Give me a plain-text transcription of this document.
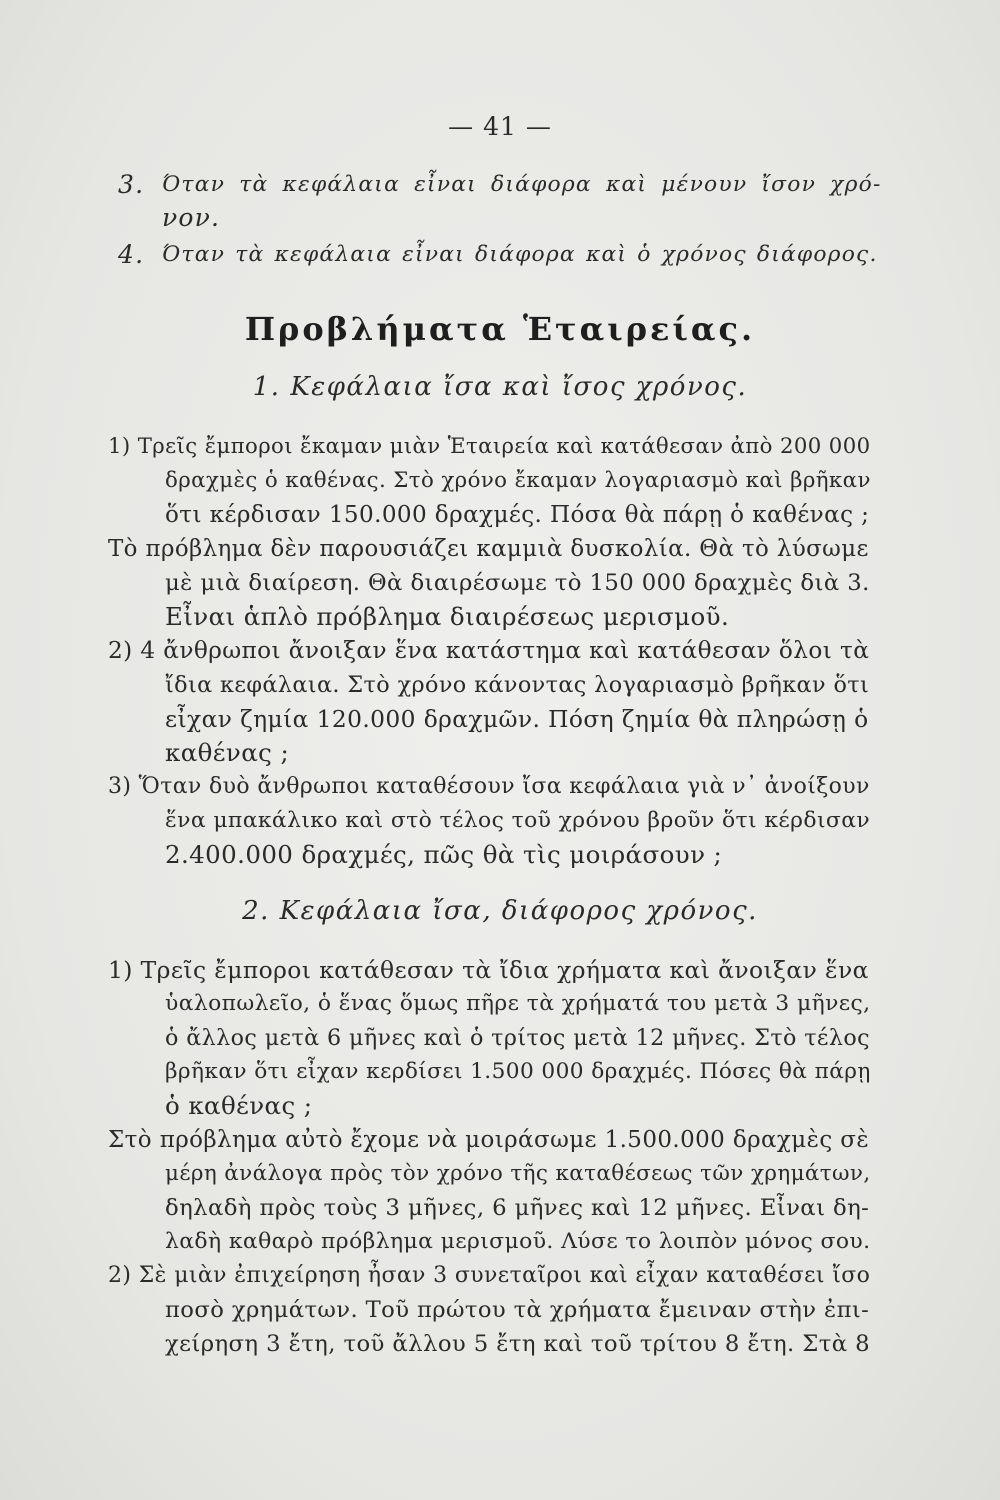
— 41 —
3. Όταν τὰ κεφάλαια εἶναι διάφορα καὶ μένουν ἴσον χρό-
νον.
4. Όταν τὰ κεφάλαια εἶναι διάφορα καὶ ὁ χρόνος διάφορος.
Προβλήματα Ἑταιρείας.
1. Κεφάλαια ἴσα καὶ ἴσος χρόνος.
1) Τρεῖς ἔμποροι ἔκαμαν μιὰν Ἑταιρεία καὶ κατάθεσαν ἀπὸ 200 000
δραχμὲς ὁ καθένας. Στὸ χρόνο ἔκαμαν λογαριασμὸ καὶ βρῆκαν
ὅτι κέρδισαν 150.000 δραχμές. Πόσα θὰ πάρῃ ὁ καθένας ;
Τὸ πρόβλημα δὲν παρουσιάζει καμμιὰ δυσκολία. Θὰ τὸ λύσωμε
μὲ μιὰ διαίρεση. Θὰ διαιρέσωμε τὸ 150 000 δραχμὲς διὰ 3.
Εἶναι ἁπλὸ πρόβλημα διαιρέσεως μερισμοῦ.
2) 4 ἄνθρωποι ἄνοιξαν ἕνα κατάστημα καὶ κατάθεσαν ὅλοι τὰ
ἴδια κεφάλαια. Στὸ χρόνο κάνοντας λογαριασμὸ βρῆκαν ὅτι
εἶχαν ζημία 120.000 δραχμῶν. Πόση ζημία θὰ πληρώσῃ ὁ
καθένας ;
3) Ὅταν δυὸ ἄνθρωποι καταθέσουν ἴσα κεφάλαια γιὰ ν᾿ ἀνοίξουν
ἕνα μπακάλικο καὶ στὸ τέλος τοῦ χρόνου βροῦν ὅτι κέρδισαν
2.400.000 δραχμές, πῶς θὰ τὶς μοιράσουν ;
2. Κεφάλαια ἴσα, διάφορος χρόνος.
1) Τρεῖς ἔμποροι κατάθεσαν τὰ ἴδια χρήματα καὶ ἄνοιξαν ἕνα
ὑαλοπωλεῖο, ὁ ἕνας ὅμως πῆρε τὰ χρήματά του μετὰ 3 μῆνες,
ὁ ἄλλος μετὰ 6 μῆνες καὶ ὁ τρίτος μετὰ 12 μῆνες. Στὸ τέλος
βρῆκαν ὅτι εἶχαν κερδίσει 1.500 000 δραχμές. Πόσες θὰ πάρῃ
ὁ καθένας ;
Στὸ πρόβλημα αὐτὸ ἔχομε νὰ μοιράσωμε 1.500.000 δραχμὲς σὲ
μέρη ἀνάλογα πρὸς τὸν χρόνο τῆς καταθέσεως τῶν χρημάτων,
δηλαδὴ πρὸς τοὺς 3 μῆνες, 6 μῆνες καὶ 12 μῆνες. Εἶναι δη-
λαδὴ καθαρὸ πρόβλημα μερισμοῦ. Λύσε το λοιπὸν μόνος σου.
2) Σὲ μιὰν ἐπιχείρηση ἦσαν 3 συνεταῖροι καὶ εἶχαν καταθέσει ἴσο
ποσὸ χρημάτων. Τοῦ πρώτου τὰ χρήματα ἔμειναν στὴν ἐπι-
χείρηση 3 ἔτη, τοῦ ἄλλου 5 ἔτη καὶ τοῦ τρίτου 8 ἔτη. Στὰ 8
